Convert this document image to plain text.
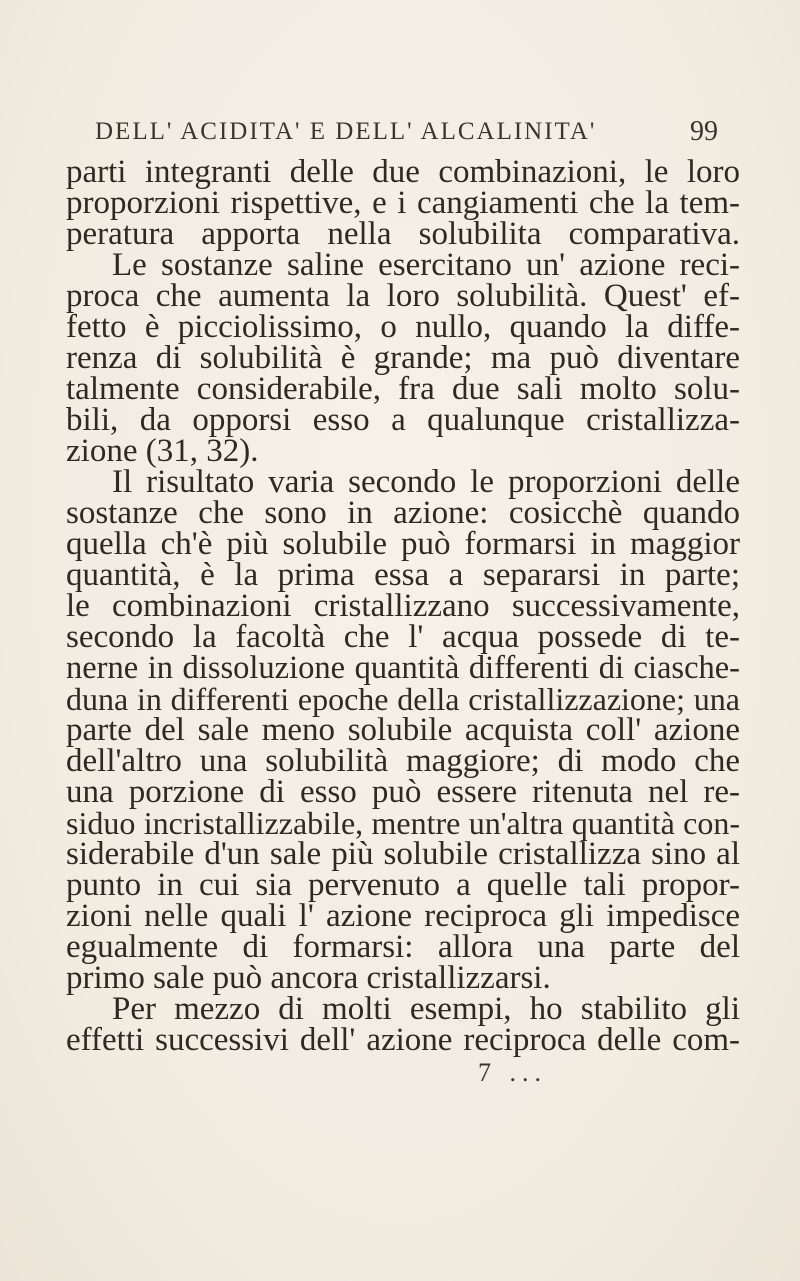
DELL' ACIDITA' E DELL' ALCALINITA'	99
parti integranti delle due combinazioni, le loro
proporzioni rispettive, e i cangiamenti che la tem-
peratura apporta nella solubilita comparativa.
Le sostanze saline esercitano un' azione reci-
proca che aumenta la loro solubilità. Quest' ef-
fetto è picciolissimo, o nullo, quando la diffe-
renza di solubilità è grande; ma può diventare
talmente considerabile, fra due sali molto solu-
bili, da opporsi esso a qualunque cristallizza-
zione (31, 32).
Il risultato varia secondo le proporzioni delle
sostanze che sono in azione: cosicchè quando
quella ch'è più solubile può formarsi in maggior
quantità, è la prima essa a separarsi in parte;
le combinazioni cristallizzano successivamente,
secondo la facoltà che l' acqua possede di te-
nerne in dissoluzione quantità differenti di ciasche-
duna in differenti epoche della cristallizzazione; una
parte del sale meno solubile acquista coll' azione
dell'altro una solubilità maggiore; di modo che
una porzione di esso può essere ritenuta nel re-
siduo incristallizzabile, mentre un'altra quantità con-
siderabile d'un sale più solubile cristallizza sino al
punto in cui sia pervenuto a quelle tali propor-
zioni nelle quali l' azione reciproca gli impedisce
egualmente di formarsi: allora una parte del
primo sale può ancora cristallizzarsi.
Per mezzo di molti esempi, ho stabilito gli
effetti successivi dell' azione reciproca delle com-
7 ...
